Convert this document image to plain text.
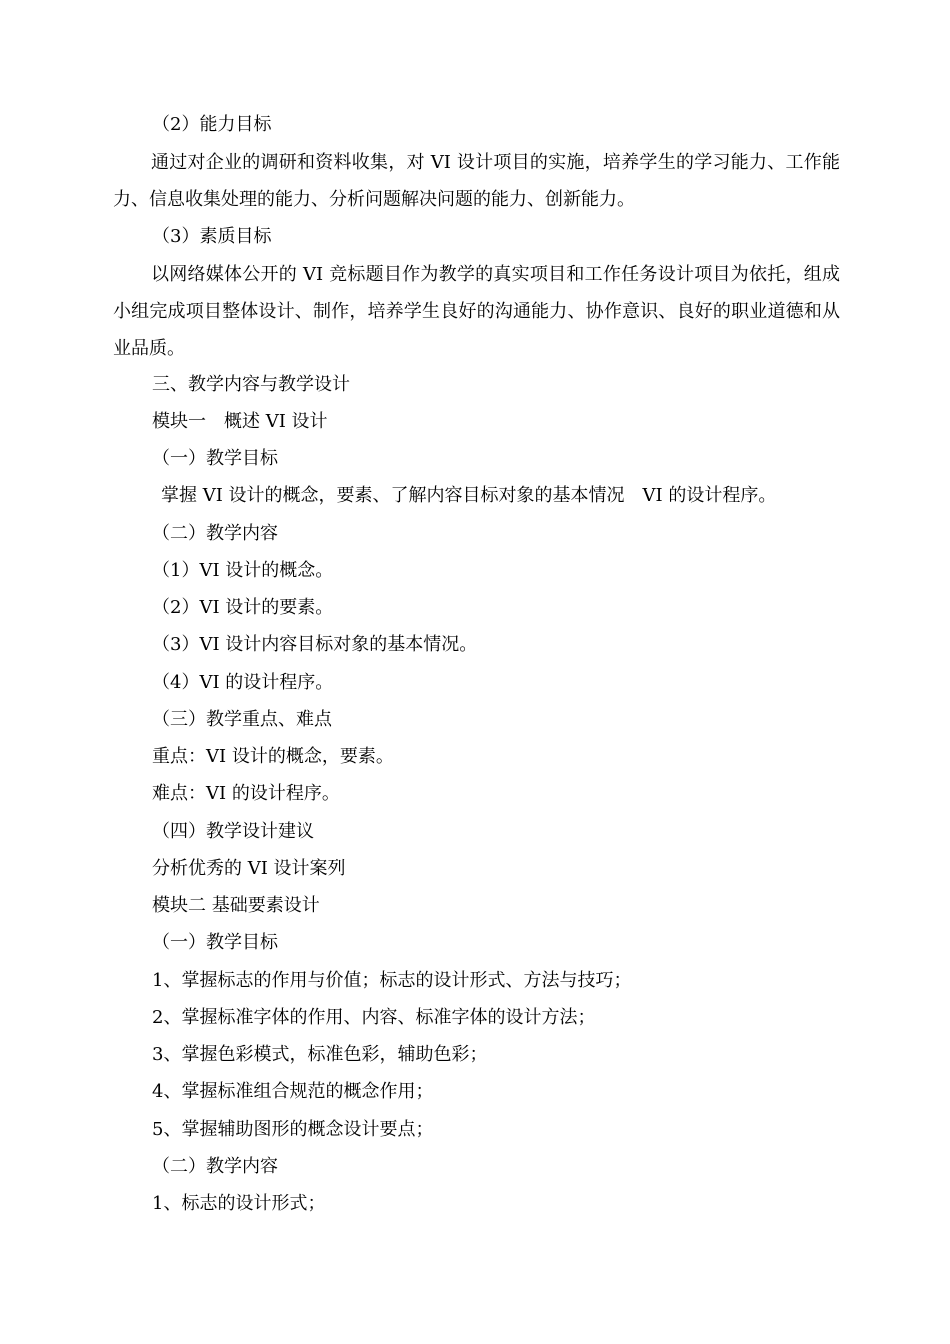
（2）能力目标
通过对企业的调研和资料收集，对 VI 设计项目的实施，培养学生的学习能力、工作能力、信息收集处理的能力、分析问题解决问题的能力、创新能力。
（3）素质目标
以网络媒体公开的 VI 竞标题目作为教学的真实项目和工作任务设计项目为依托，组成小组完成项目整体设计、制作，培养学生良好的沟通能力、协作意识、良好的职业道德和从业品质。
三、教学内容与教学设计
模块一　概述 VI 设计
（一）教学目标
掌握 VI 设计的概念，要素、了解内容目标对象的基本情况　VI 的设计程序。
（二）教学内容
（1）VI 设计的概念。
（2）VI 设计的要素。
（3）VI 设计内容目标对象的基本情况。
（4）VI 的设计程序。
（三）教学重点、难点
重点：VI 设计的概念，要素。
难点：VI 的设计程序。
（四）教学设计建议
分析优秀的 VI 设计案列
模块二 基础要素设计
（一）教学目标
1、掌握标志的作用与价值；标志的设计形式、方法与技巧；
2、掌握标准字体的作用、内容、标准字体的设计方法；
3、掌握色彩模式，标准色彩，辅助色彩；
4、掌握标准组合规范的概念作用；
5、掌握辅助图形的概念设计要点；
（二）教学内容
1、标志的设计形式；
